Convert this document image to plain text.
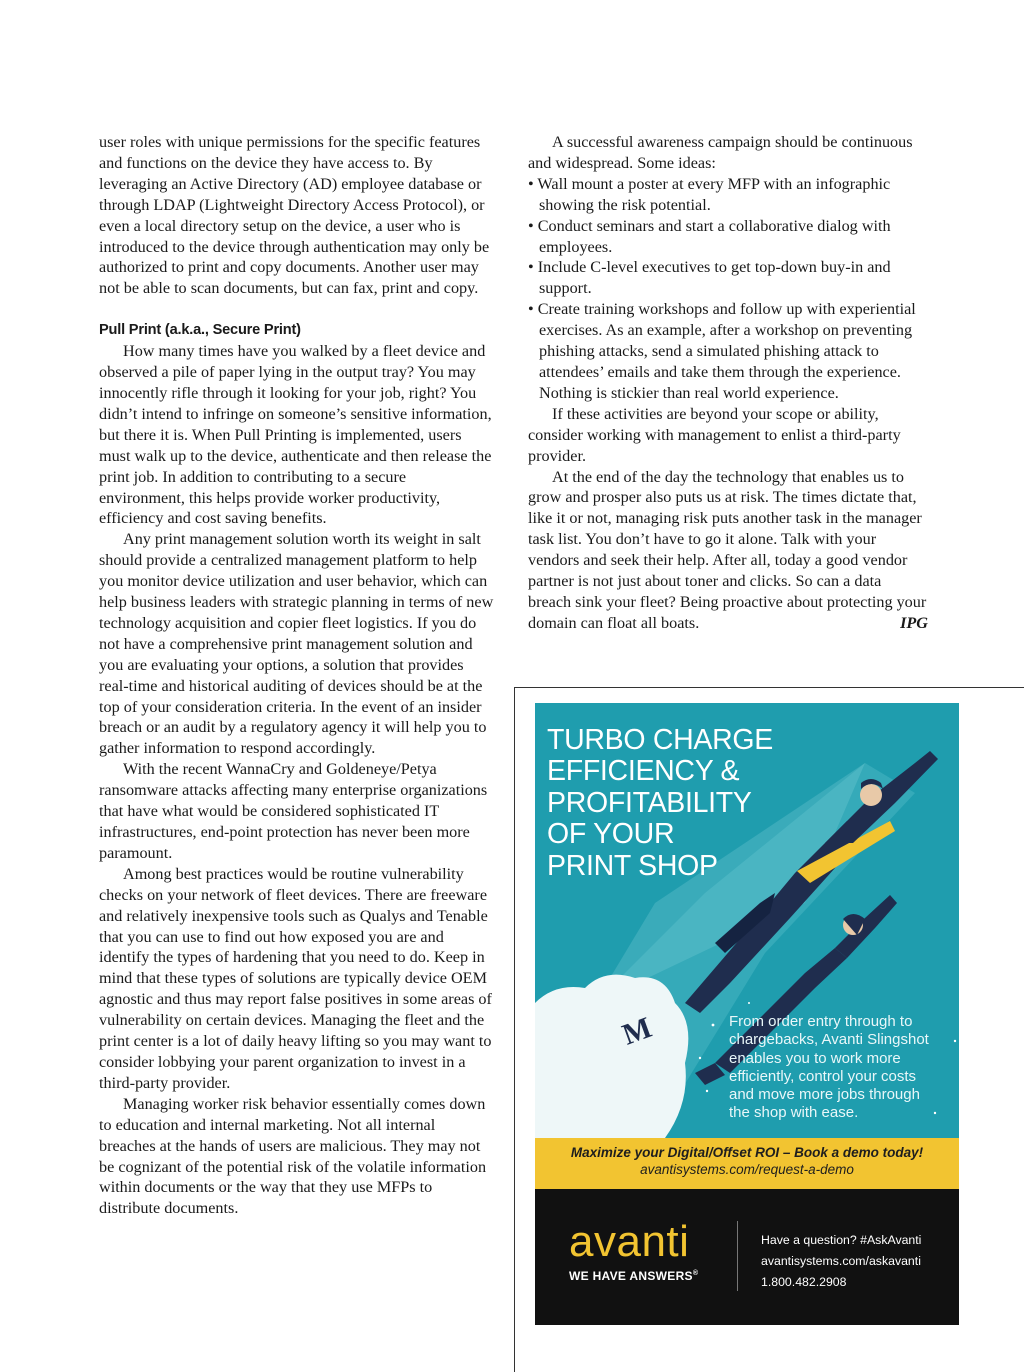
user roles with unique permissions for the specific features and functions on the device they have access to. By leveraging an Active Directory (AD) employee database or through LDAP (Lightweight Directory Access Protocol), or even a local directory setup on the device, a user who is introduced to the device through authentication may only be authorized to print and copy documents. Another user may not be able to scan documents, but can fax, print and copy.

Pull Print (a.k.a., Secure Print)

How many times have you walked by a fleet device and observed a pile of paper lying in the output tray? You may innocently rifle through it looking for your job, right? You didn’t intend to infringe on someone’s sensitive information, but there it is. When Pull Printing is implemented, users must walk up to the device, authenticate and then release the print job. In addition to contributing to a secure environment, this helps provide worker productivity, efficiency and cost saving benefits.

Any print management solution worth its weight in salt should provide a centralized management platform to help you monitor device utilization and user behavior, which can help business leaders with strategic planning in terms of new technology acquisition and copier fleet logistics. If you do not have a comprehensive print management solution and you are evaluating your options, a solution that provides real-time and historical auditing of devices should be at the top of your consideration criteria. In the event of an insider breach or an audit by a regulatory agency it will help you to gather information to respond accordingly.

With the recent WannaCry and Goldeneye/Petya ransomware attacks affecting many enterprise organizations that have what would be considered sophisticated IT infrastructures, end-point protection has never been more paramount.

Among best practices would be routine vulnerability checks on your network of fleet devices. There are freeware and relatively inexpensive tools such as Qualys and Tenable that you can use to find out how exposed you are and identify the types of hardening that you need to do. Keep in mind that these types of solutions are typically device OEM agnostic and thus may report false positives in some areas of vulnerability on certain devices. Managing the fleet and the print center is a lot of daily heavy lifting so you may want to consider lobbying your parent organization to invest in a third-party provider.

Managing worker risk behavior essentially comes down to education and internal marketing. Not all internal breaches at the hands of users are malicious. They may not be cognizant of the potential risk of the volatile information within documents or the way that they use MFPs to distribute documents.

A successful awareness campaign should be continuous and widespread. Some ideas:

• Wall mount a poster at every MFP with an infographic showing the risk potential.

• Conduct seminars and start a collaborative dialog with employees.

• Include C-level executives to get top-down buy-in and support.

• Create training workshops and follow up with experiential exercises. As an example, after a workshop on preventing phishing attacks, send a simulated phishing attack to attendees’ emails and take them through the experience. Nothing is stickier than real world experience.

If these activities are beyond your scope or ability, consider working with management to enlist a third-party provider.

At the end of the day the technology that enables us to grow and prosper also puts us at risk. The times dictate that, like it or not, managing risk puts another task in the manager task list. You don’t have to go it alone. Talk with your vendors and seek their help. After all, today a good vendor partner is not just about toner and clicks. So can a data breach sink your fleet? Being proactive about protecting your domain can float all boats.	IPG

M
TURBO CHARGE
EFFICIENCY &
PROFITABILITY
OF YOUR
PRINT SHOP
From order entry through to chargebacks, Avanti Slingshot enables you to work more efficiently, control your costs and move more jobs through the shop with ease.
Maximize your Digital/Offset ROI – Book a demo today!
avantisystems.com/request-a-demo
avanti
WE HAVE ANSWERS®
Have a question? #AskAvanti
avantisystems.com/askavanti
1.800.482.2908
